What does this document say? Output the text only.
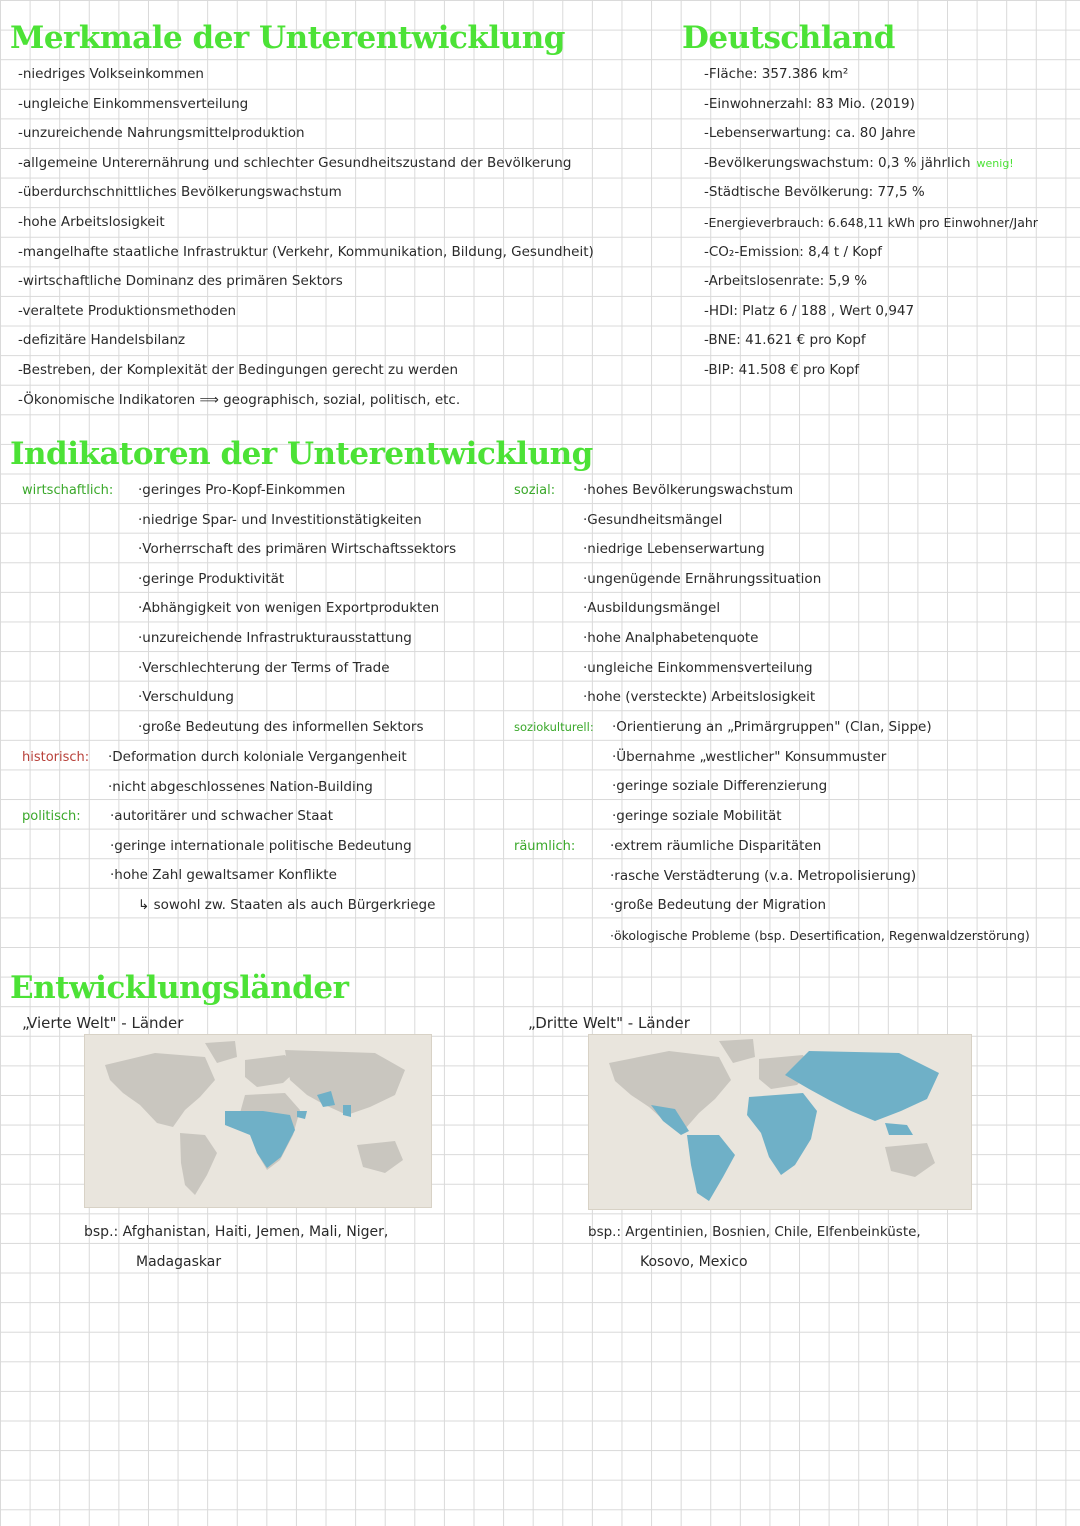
Merkmale der Unterentwicklung
-niedriges Volkseinkommen
-ungleiche Einkommensverteilung
-unzureichende Nahrungsmittelproduktion
-allgemeine Unterernährung und schlechter Gesundheitszustand der Bevölkerung
-überdurchschnittliches Bevölkerungswachstum
-hohe Arbeitslosigkeit
-mangelhafte staatliche Infrastruktur (Verkehr, Kommunikation, Bildung, Gesundheit)
-wirtschaftliche Dominanz des primären Sektors
-veraltete Produktionsmethoden
-defizitäre Handelsbilanz
-Bestreben, der Komplexität der Bedingungen gerecht zu werden
-Ökonomische Indikatoren ⟹ geographisch, sozial, politisch, etc.
Deutschland
-Fläche: 357.386 km²
-Einwohnerzahl: 83 Mio. (2019)
-Lebenserwartung: ca. 80 Jahre
-Bevölkerungswachstum: 0,3 % jährlich wenig!
-Städtische Bevölkerung: 77,5 %
-Energieverbrauch: 6.648,11 kWh pro Einwohner/Jahr
-CO₂-Emission: 8,4 t / Kopf
-Arbeitslosenrate: 5,9 %
-HDI: Platz 6 / 188 , Wert 0,947
-BNE: 41.621 € pro Kopf
-BIP: 41.508 € pro Kopf
Indikatoren der Unterentwicklung
wirtschaftlich: ·geringes Pro-Kopf-Einkommen
·niedrige Spar- und Investitionstätigkeiten
·Vorherrschaft des primären Wirtschaftssektors
·geringe Produktivität
·Abhängigkeit von wenigen Exportprodukten
·unzureichende Infrastrukturausstattung
·Verschlechterung der Terms of Trade
·Verschuldung
·große Bedeutung des informellen Sektors
historisch: ·Deformation durch koloniale Vergangenheit
·nicht abgeschlossenes Nation-Building
politisch: ·autoritärer und schwacher Staat
·geringe internationale politische Bedeutung
·hohe Zahl gewaltsamer Konflikte
↳ sowohl zw. Staaten als auch Bürgerkriege
sozial: ·hohes Bevölkerungswachstum
·Gesundheitsmängel
·niedrige Lebenserwartung
·ungenügende Ernährungssituation
·Ausbildungsmängel
·hohe Analphabetenquote
·ungleiche Einkommensverteilung
·hohe (versteckte) Arbeitslosigkeit
soziokulturell: ·Orientierung an „Primärgruppen" (Clan, Sippe)
·Übernahme „westlicher" Konsummuster
·geringe soziale Differenzierung
·geringe soziale Mobilität
räumlich:	·extrem räumliche Disparitäten
·rasche Verstädterung (v.a. Metropolisierung)
·große Bedeutung der Migration
·ökologische Probleme (bsp. Desertification, Regenwaldzerstörung)
Entwicklungsländer
„Vierte Welt" - Länder
bsp.: Afghanistan, Haiti, Jemen, Mali, Niger,
Madagaskar
„Dritte Welt" - Länder
bsp.: Argentinien, Bosnien, Chile, Elfenbeinküste,
Kosovo, Mexico
